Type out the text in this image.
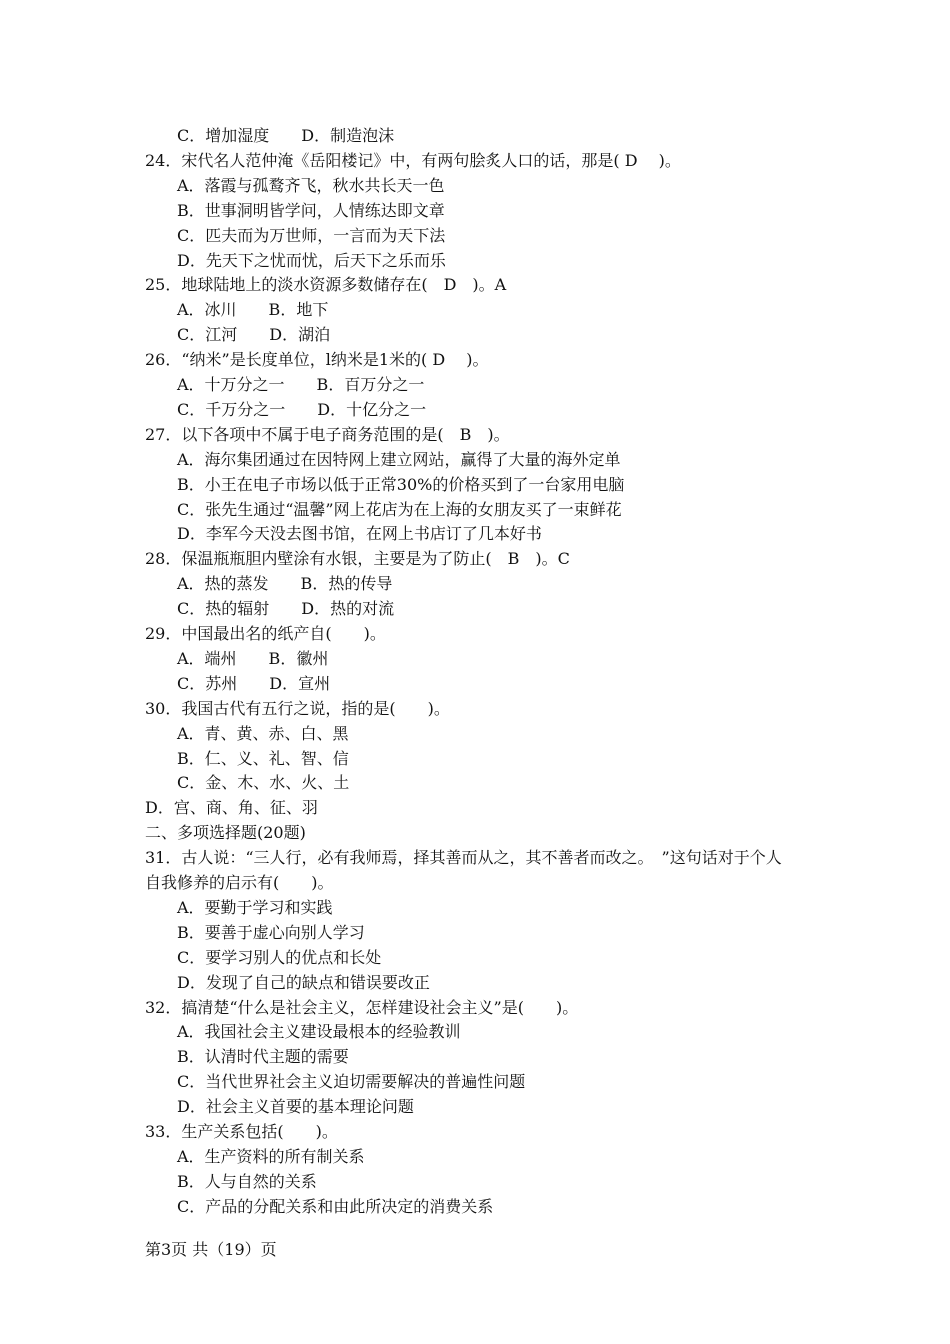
C．增加湿度　　D．制造泡沫
24．宋代名人范仲淹《岳阳楼记》中，有两句脍炙人口的话，那是( D　 )。
A．落霞与孤鹜齐飞，秋水共长天一色
B．世事洞明皆学问，人情练达即文章
C．匹夫而为万世师，一言而为天下法
D．先天下之忧而忧，后天下之乐而乐
25．地球陆地上的淡水资源多数储存在(　D　)。A
A．冰川　　B．地下
C．江河　　D．湖泊
26．“纳米”是长度单位，l纳米是1米的( D　 )。
A．十万分之一　　B．百万分之一
C．千万分之一　　D．十亿分之一
27．以下各项中不属于电子商务范围的是(　B　)。
A．海尔集团通过在因特网上建立网站，赢得了大量的海外定单
B．小王在电子市场以低于正常30%的价格买到了一台家用电脑
C．张先生通过“温馨”网上花店为在上海的女朋友买了一束鲜花
D．李军今天没去图书馆，在网上书店订了几本好书
28．保温瓶瓶胆内壁涂有水银，主要是为了防止(　B　)。C
A．热的蒸发　　B．热的传导
C．热的辐射　　D．热的对流
29．中国最出名的纸产自(　　)。
A．端州　　B．徽州
C．苏州　　D．宣州
30．我国古代有五行之说，指的是(　　)。
A．青、黄、赤、白、黑
B．仁、义、礼、智、信
C．金、木、水、火、土
D．宫、商、角、征、羽
二、多项选择题(20题)
31．古人说：“三人行，必有我师焉，择其善而从之，其不善者而改之。　”这句话对于个人
自我修养的启示有(　　)。
A．要勤于学习和实践
B．要善于虚心向别人学习
C．要学习别人的优点和长处
D．发现了自己的缺点和错误要改正
32．搞清楚“什么是社会主义，怎样建设社会主义”是(　　)。
A．我国社会主义建设最根本的经验教训
B．认清时代主题的需要
C．当代世界社会主义迫切需要解决的普遍性问题
D．社会主义首要的基本理论问题
33．生产关系包括(　　)。
A．生产资料的所有制关系
B．人与自然的关系
C．产品的分配关系和由此所决定的消费关系
第3页 共（19）页
